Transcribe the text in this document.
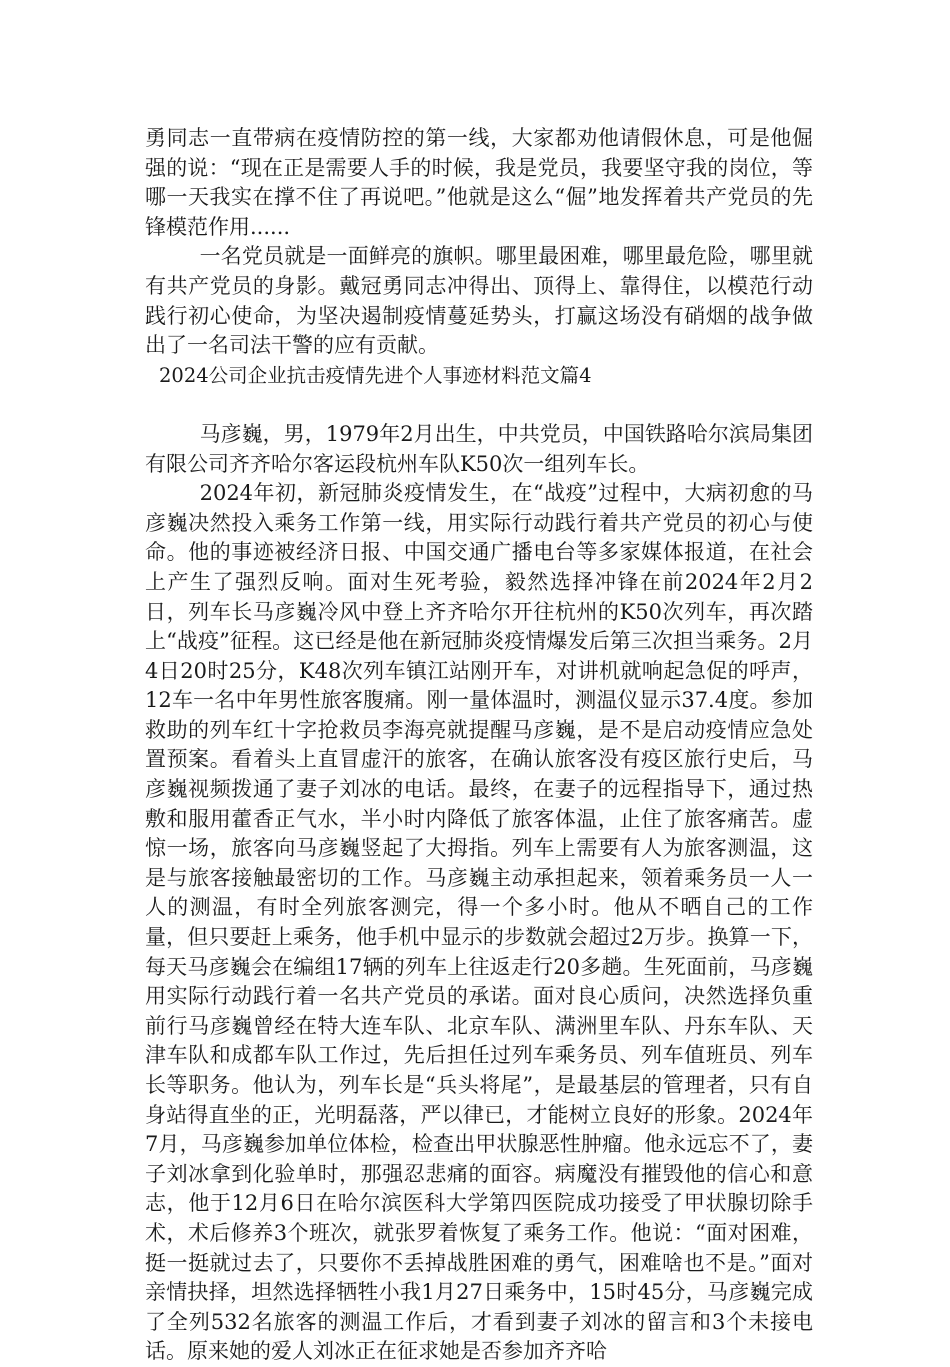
勇同志一直带病在疫情防控的第一线，大家都劝他请假休息，可是他倔强的说：“现在正是需要人手的时候，我是党员，我要坚守我的岗位，等哪一天我实在撑不住了再说吧。”他就是这么“倔”地发挥着共产党员的先锋模范作用......

一名党员就是一面鲜亮的旗帜。哪里最困难，哪里最危险，哪里就有共产党员的身影。戴冠勇同志冲得出、顶得上、靠得住，以模范行动践行初心使命，为坚决遏制疫情蔓延势头，打赢这场没有硝烟的战争做出了一名司法干警的应有贡献。

2024公司企业抗击疫情先进个人事迹材料范文篇4

马彦巍，男，1979年2月出生，中共党员，中国铁路哈尔滨局集团有限公司齐齐哈尔客运段杭州车队K50次一组列车长。

2024年初，新冠肺炎疫情发生，在“战疫”过程中，大病初愈的马彦巍决然投入乘务工作第一线，用实际行动践行着共产党员的初心与使命。他的事迹被经济日报、中国交通广播电台等多家媒体报道，在社会上产生了强烈反响。面对生死考验，毅然选择冲锋在前2024年2月2日，列车长马彦巍冷风中登上齐齐哈尔开往杭州的K50次列车，再次踏上“战疫”征程。这已经是他在新冠肺炎疫情爆发后第三次担当乘务。2月4日20时25分，K48次列车镇江站刚开车，对讲机就响起急促的呼声，12车一名中年男性旅客腹痛。刚一量体温时，测温仪显示37.4度。参加救助的列车红十字抢救员李海亮就提醒马彦巍，是不是启动疫情应急处置预案。看着头上直冒虚汗的旅客，在确认旅客没有疫区旅行史后，马彦巍视频拨通了妻子刘冰的电话。最终，在妻子的远程指导下，通过热敷和服用藿香正气水，半小时内降低了旅客体温，止住了旅客痛苦。虚惊一场，旅客向马彦巍竖起了大拇指。列车上需要有人为旅客测温，这是与旅客接触最密切的工作。马彦巍主动承担起来，领着乘务员一人一人的测温，有时全列旅客测完，得一个多小时。他从不晒自己的工作量，但只要赶上乘务，他手机中显示的步数就会超过2万步。换算一下，每天马彦巍会在编组17辆的列车上往返走行20多趟。生死面前，马彦巍用实际行动践行着一名共产党员的承诺。面对良心质问，决然选择负重前行马彦巍曾经在特大连车队、北京车队、满洲里车队、丹东车队、天津车队和成都车队工作过，先后担任过列车乘务员、列车值班员、列车长等职务。他认为，列车长是“兵头将尾”，是最基层的管理者，只有自身站得直坐的正，光明磊落，严以律已，才能树立良好的形象。2024年7月，马彦巍参加单位体检，检查出甲状腺恶性肿瘤。他永远忘不了，妻子刘冰拿到化验单时，那强忍悲痛的面容。病魔没有摧毁他的信心和意志，他于12月6日在哈尔滨医科大学第四医院成功接受了甲状腺切除手术，术后修养3个班次，就张罗着恢复了乘务工作。他说：“面对困难，挺一挺就过去了，只要你不丢掉战胜困难的勇气，困难啥也不是。”面对亲情抉择，坦然选择牺牲小我1月27日乘务中，15时45分，马彦巍完成了全列532名旅客的测温工作后，才看到妻子刘冰的留言和3个未接电话。原来她的爱人刘冰正在征求她是否参加齐齐哈
